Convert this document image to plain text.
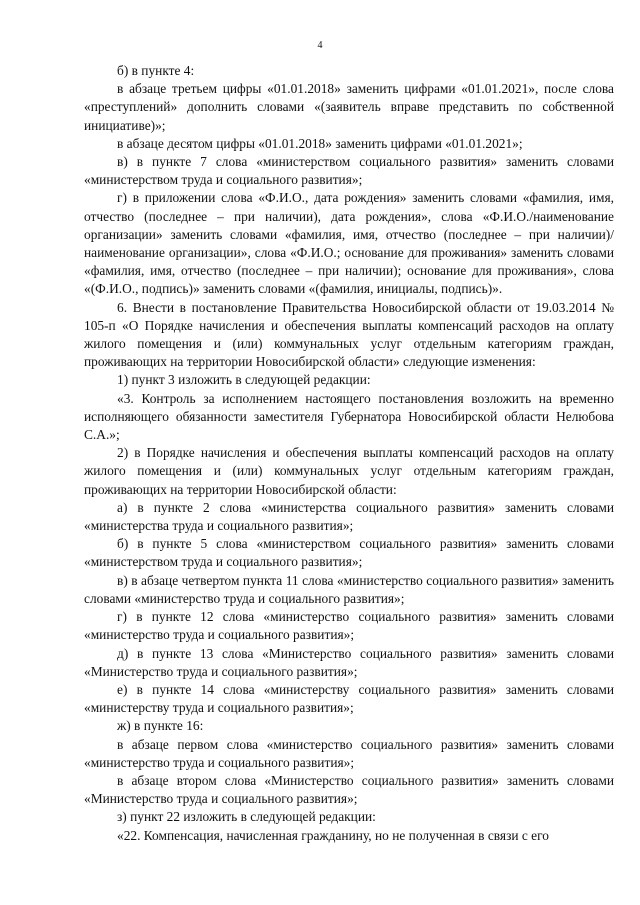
4

б) в пункте 4:

в абзаце третьем цифры «01.01.2018» заменить цифрами «01.01.2021», после слова «преступлений» дополнить словами «(заявитель вправе представить по собственной инициативе)»;

в абзаце десятом цифры «01.01.2018» заменить цифрами «01.01.2021»;

в) в пункте 7 слова «министерством социального развития» заменить словами «министерством труда и социального развития»;

г) в приложении слова «Ф.И.О., дата рождения» заменить словами «фамилия, имя, отчество (последнее – при наличии), дата рождения», слова «Ф.И.О./наименование организации» заменить словами «фамилия, имя, отчество (последнее – при наличии)/наименование организации», слова «Ф.И.О.; основание для проживания» заменить словами «фамилия, имя, отчество (последнее – при наличии); основание для проживания», слова «(Ф.И.О., подпись)» заменить словами «(фамилия, инициалы, подпись)».

6. Внести в постановление Правительства Новосибирской области от 19.03.2014 № 105-п «О Порядке начисления и обеспечения выплаты компенсаций расходов на оплату жилого помещения и (или) коммунальных услуг отдельным категориям граждан, проживающих на территории Новосибирской области» следующие изменения:

1) пункт 3 изложить в следующей редакции:

«3. Контроль за исполнением настоящего постановления возложить на временно исполняющего обязанности заместителя Губернатора Новосибирской области Нелюбова С.А.»;

2) в Порядке начисления и обеспечения выплаты компенсаций расходов на оплату жилого помещения и (или) коммунальных услуг отдельным категориям граждан, проживающих на территории Новосибирской области:

а) в пункте 2 слова «министерства социального развития» заменить словами «министерства труда и социального развития»;

б) в пункте 5 слова «министерством социального развития» заменить словами «министерством труда и социального развития»;

в) в абзаце четвертом пункта 11 слова «министерство социального развития» заменить словами «министерство труда и социального развития»;

г) в пункте 12 слова «министерство социального развития» заменить словами «министерство труда и социального развития»;

д) в пункте 13 слова «Министерство социального развития» заменить словами «Министерство труда и социального развития»;

е) в пункте 14 слова «министерству социального развития» заменить словами «министерству труда и социального развития»;

ж) в пункте 16:

в абзаце первом слова «министерство социального развития» заменить словами «министерство труда и социального развития»;

в абзаце втором слова «Министерство социального развития» заменить словами «Министерство труда и социального развития»;

з) пункт 22 изложить в следующей редакции:

«22. Компенсация, начисленная гражданину, но не полученная в связи с его
